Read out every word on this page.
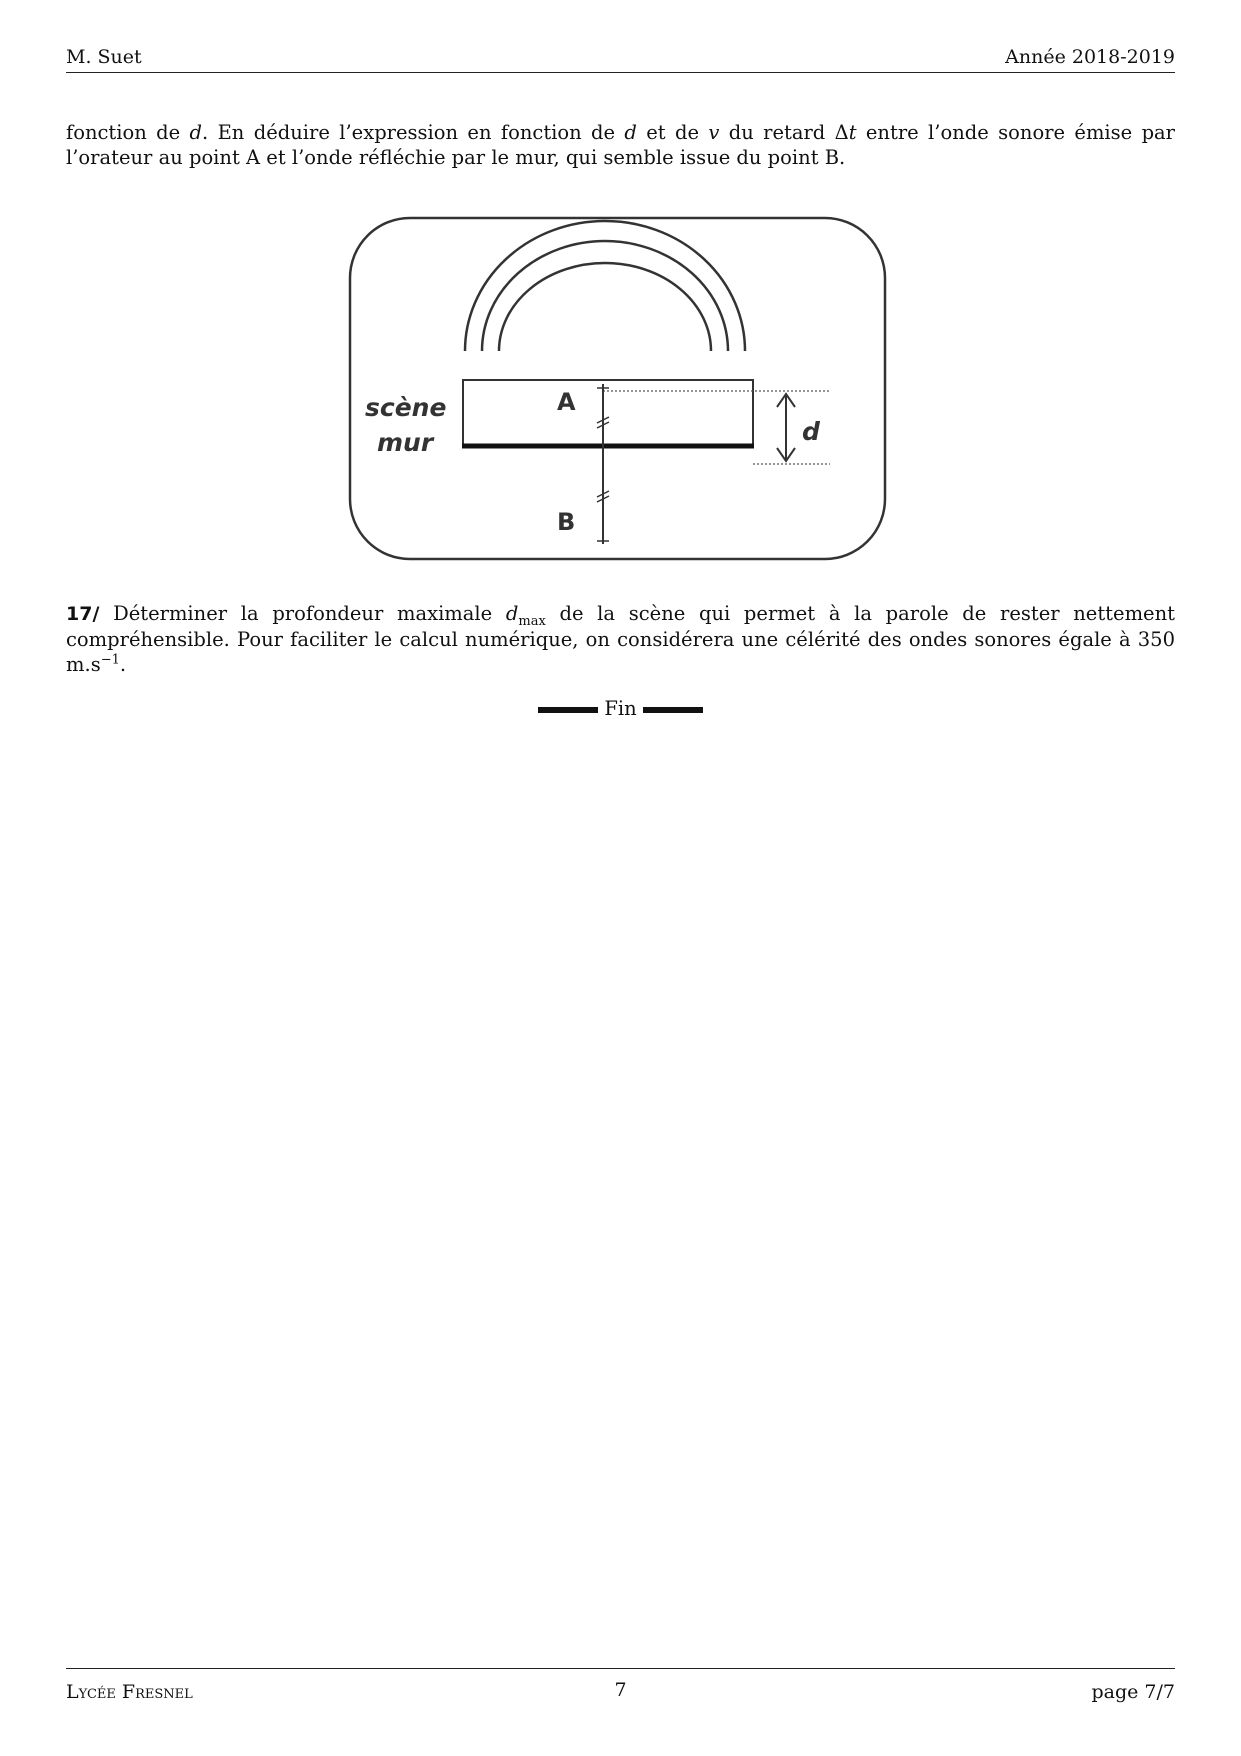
M. Suet	Année 2018-2019

fonction de d. En déduire l’expression en fonction de d et de v du retard Δt entre l’onde sonore émise par l’orateur au point A et l’onde réfléchie par le mur, qui semble issue du point B.

scène
mur
A
B
d

17/ Déterminer la profondeur maximale $d_{max}$ de la scène qui permet à la parole de rester nettement compréhensible. Pour faciliter le calcul numérique, on considérera une célérité des ondes sonores égale à 350 $m.s^{-1}$.

Fin
Lycée Fresnel	7	page 7/7
